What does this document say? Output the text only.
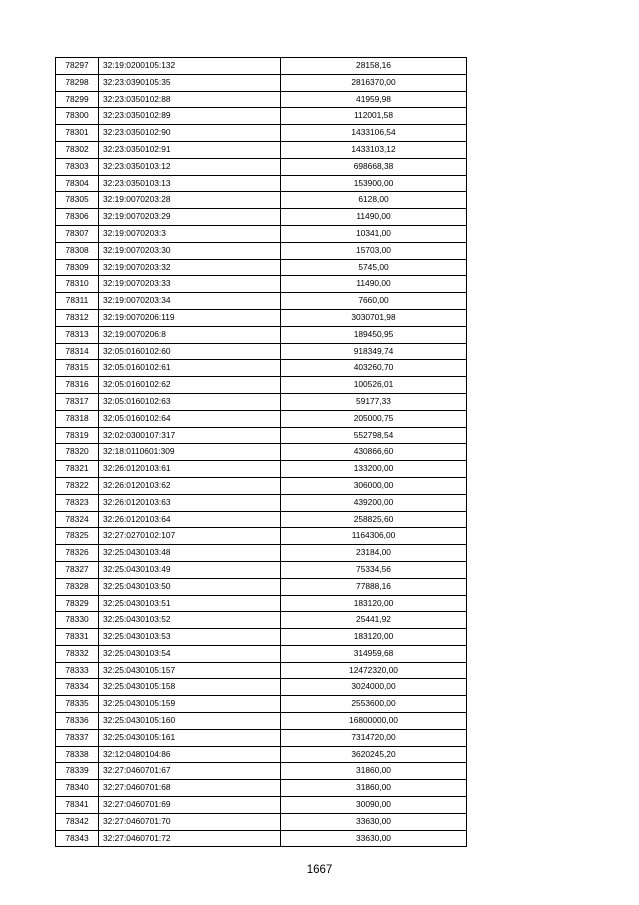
78297	32:19:0200105:132	28158,16
78298	32:23:0390105:35	2816370,00
78299	32:23:0350102:88	41959,98
78300	32:23:0350102:89	112001,58
78301	32:23:0350102:90	1433106,54
78302	32:23:0350102:91	1433103,12
78303	32:23:0350103:12	698668,38
78304	32:23:0350103:13	153900,00
78305	32:19:0070203:28	6128,00
78306	32:19:0070203:29	11490,00
78307	32:19:0070203:3	10341,00
78308	32:19:0070203:30	15703,00
78309	32:19:0070203:32	5745,00
78310	32:19:0070203:33	11490,00
78311	32:19:0070203:34	7660,00
78312	32:19:0070206:119	3030701,98
78313	32:19:0070206:8	189450,95
78314	32:05:0160102:60	918349,74
78315	32:05:0160102:61	403260,70
78316	32:05:0160102:62	100526,01
78317	32:05:0160102:63	59177,33
78318	32:05:0160102:64	205000,75
78319	32:02:0300107:317	552798,54
78320	32:18:0110601:309	430866,60
78321	32:26:0120103:61	133200,00
78322	32:26:0120103:62	306000,00
78323	32:26:0120103:63	439200,00
78324	32:26:0120103:64	258825,60
78325	32:27:0270102:107	1164306,00
78326	32:25:0430103:48	23184,00
78327	32:25:0430103:49	75334,56
78328	32:25:0430103:50	77888,16
78329	32:25:0430103:51	183120,00
78330	32:25:0430103:52	25441,92
78331	32:25:0430103:53	183120,00
78332	32:25:0430103:54	314959,68
78333	32:25:0430105:157	12472320,00
78334	32:25:0430105:158	3024000,00
78335	32:25:0430105:159	2553600,00
78336	32:25:0430105:160	16800000,00
78337	32:25:0430105:161	7314720,00
78338	32:12:0480104:86	3620245,20
78339	32:27:0460701:67	31860,00
78340	32:27:0460701:68	31860,00
78341	32:27:0460701:69	30090,00
78342	32:27:0460701:70	33630,00
78343	32:27:0460701:72	33630,00
1667
